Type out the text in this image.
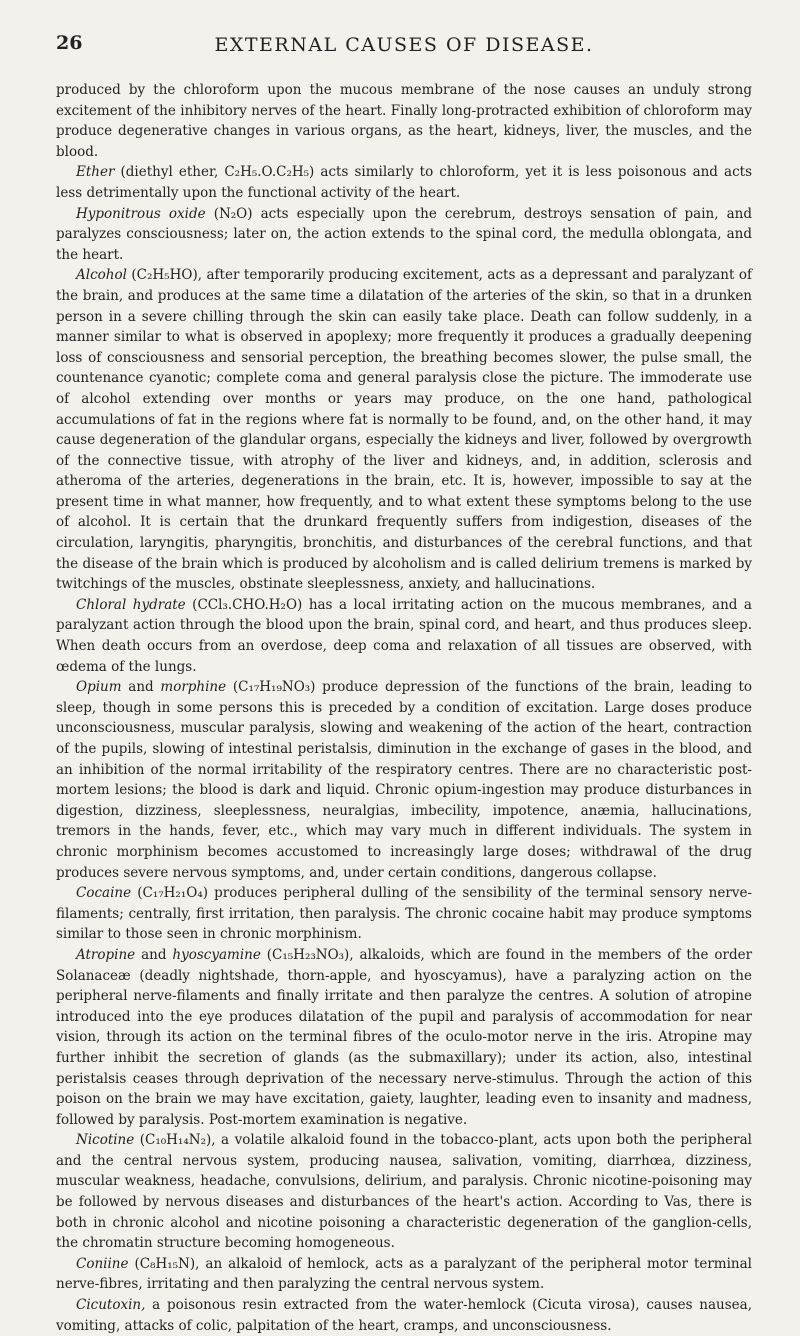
26	EXTERNAL CAUSES OF DISEASE.

produced by the chloroform upon the mucous membrane of the nose causes an unduly strong excitement of the inhibitory nerves of the heart. Finally long-protracted exhibition of chloroform may produce degenerative changes in various organs, as the heart, kidneys, liver, the muscles, and the blood.

Ether (diethyl ether, C₂H₅.O.C₂H₅) acts similarly to chloroform, yet it is less poisonous and acts less detrimentally upon the functional activity of the heart.

Hyponitrous oxide (N₂O) acts especially upon the cerebrum, destroys sensation of pain, and paralyzes consciousness; later on, the action extends to the spinal cord, the medulla oblongata, and the heart.

Alcohol (C₂H₅HO), after temporarily producing excitement, acts as a depressant and paralyzant of the brain, and produces at the same time a dilatation of the arteries of the skin, so that in a drunken person in a severe chilling through the skin can easily take place. Death can follow suddenly, in a manner similar to what is observed in apoplexy; more frequently it produces a gradually deepening loss of consciousness and sensorial perception, the breathing becomes slower, the pulse small, the countenance cyanotic; complete coma and general paralysis close the picture. The immoderate use of alcohol extending over months or years may produce, on the one hand, pathological accumulations of fat in the regions where fat is normally to be found, and, on the other hand, it may cause degeneration of the glandular organs, especially the kidneys and liver, followed by overgrowth of the connective tissue, with atrophy of the liver and kidneys, and, in addition, sclerosis and atheroma of the arteries, degenerations in the brain, etc. It is, however, impossible to say at the present time in what manner, how frequently, and to what extent these symptoms belong to the use of alcohol. It is certain that the drunkard frequently suffers from indigestion, diseases of the circulation, laryngitis, pharyngitis, bronchitis, and disturbances of the cerebral functions, and that the disease of the brain which is produced by alcoholism and is called delirium tremens is marked by twitchings of the muscles, obstinate sleeplessness, anxiety, and hallucinations.

Chloral hydrate (CCl₃.CHO.H₂O) has a local irritating action on the mucous membranes, and a paralyzant action through the blood upon the brain, spinal cord, and heart, and thus produces sleep. When death occurs from an overdose, deep coma and relaxation of all tissues are observed, with œdema of the lungs.

Opium and morphine (C₁₇H₁₉NO₃) produce depression of the functions of the brain, leading to sleep, though in some persons this is preceded by a condition of excitation. Large doses produce unconsciousness, muscular paralysis, slowing and weakening of the action of the heart, contraction of the pupils, slowing of intestinal peristalsis, diminution in the exchange of gases in the blood, and an inhibition of the normal irritability of the respiratory centres. There are no characteristic post-mortem lesions; the blood is dark and liquid. Chronic opium-ingestion may produce disturbances in digestion, dizziness, sleeplessness, neuralgias, imbecility, impotence, anæmia, hallucinations, tremors in the hands, fever, etc., which may vary much in different individuals. The system in chronic morphinism becomes accustomed to increasingly large doses; withdrawal of the drug produces severe nervous symptoms, and, under certain conditions, dangerous collapse.

Cocaine (C₁₇H₂₁O₄) produces peripheral dulling of the sensibility of the terminal sensory nerve-filaments; centrally, first irritation, then paralysis. The chronic cocaine habit may produce symptoms similar to those seen in chronic morphinism.

Atropine and hyoscyamine (C₁₅H₂₃NO₃), alkaloids, which are found in the members of the order Solanaceæ (deadly nightshade, thorn-apple, and hyoscyamus), have a paralyzing action on the peripheral nerve-filaments and finally irritate and then paralyze the centres. A solution of atropine introduced into the eye produces dilatation of the pupil and paralysis of accommodation for near vision, through its action on the terminal fibres of the oculo-motor nerve in the iris. Atropine may further inhibit the secretion of glands (as the submaxillary); under its action, also, intestinal peristalsis ceases through deprivation of the necessary nerve-stimulus. Through the action of this poison on the brain we may have excitation, gaiety, laughter, leading even to insanity and madness, followed by paralysis. Post-mortem examination is negative.

Nicotine (C₁₀H₁₄N₂), a volatile alkaloid found in the tobacco-plant, acts upon both the peripheral and the central nervous system, producing nausea, salivation, vomiting, diarrhœa, dizziness, muscular weakness, headache, convulsions, delirium, and paralysis. Chronic nicotine-poisoning may be followed by nervous diseases and disturbances of the heart's action. According to Vas, there is both in chronic alcohol and nicotine poisoning a characteristic degeneration of the ganglion-cells, the chromatin structure becoming homogeneous.

Coniine (C₈H₁₅N), an alkaloid of hemlock, acts as a paralyzant of the peripheral motor terminal nerve-fibres, irritating and then paralyzing the central nervous system.

Cicutoxin, a poisonous resin extracted from the water-hemlock (Cicuta virosa), causes nausea, vomiting, attacks of colic, palpitation of the heart, cramps, and unconsciousness.
